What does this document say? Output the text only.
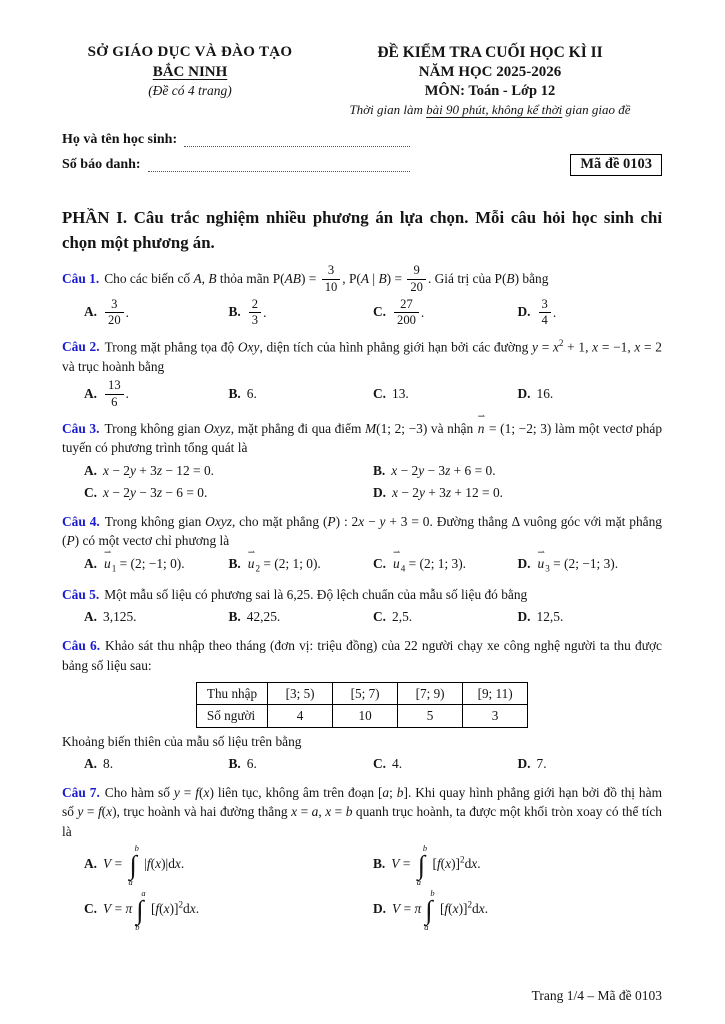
SỞ GIÁO DỤC VÀ ĐÀO TẠO
BẮC NINH
(Đề có 4 trang)
ĐỀ KIỂM TRA CUỐI HỌC KÌ II
NĂM HỌC 2025-2026
MÔN: Toán - Lớp 12
Thời gian làm bài 90 phút, không kể thời gian giao đề
Họ và tên học sinh:
Số báo danh:	Mã đề 0103
PHẦN I. Câu trắc nghiệm nhiều phương án lựa chọn. Mỗi câu hỏi học sinh chỉ chọn một phương án.

Câu 1. Cho các biến cố A, B thỏa mãn $P(AB) = \frac{3}{10}$ , P(A | $B) = \frac{9}{20}$ . Giá trị của P(B) bằng

A. $\frac{3}{20}$ .	B. $\frac{2}{3}$ .	C. $\frac{27}{200}$ .	D. $\frac{3}{4}$ .

Câu 2. Trong mặt phẳng tọa độ Oxy, diện tích của hình phẳng giới hạn bởi các đường $y = x^2 + 1$, x = −1, x = 2 và trục hoành bằng

A. $\frac{13}{6}$ .	B. 6.	C. 13.	D. 16.

Câu 3. Trong không gian Oxyz, mặt phẳng đi qua điểm M(1; 2; −3) và nhận
⇀
n = (1; −2; 3) làm một vectơ pháp tuyến có phương trình tổng quát là

A. x − 2y + 3z − 12 = 0.	B. x − 2y − 3z + 6 = 0.
C. x − 2y − 3z − 6 = 0.	D. x − 2y + 3z + 12 = 0.

Câu 4. Trong không gian Oxyz, cho mặt phẳng (P) : 2x − y + 3 = 0. Đường thẳng Δ vuông góc với mặt phẳng (P) có một vectơ chỉ phương là

A.
⇀
$u_1 = (2$; −1; 0).	B.
⇀
$u_2 = (2$; 1; 0).	C.
⇀
$u_4 = (2$; 1; 3).	D.
⇀
$u_3 = (2$; −1; 3).

Câu 5. Một mẫu số liệu có phương sai là 6,25. Độ lệch chuẩn của mẫu số liệu đó bằng

A. 3,125.	B. 42,25.	C. 2,5.	D. 12,5.

Câu 6. Khảo sát thu nhập theo tháng (đơn vị: triệu đồng) của 22 người chạy xe công nghệ người ta thu được bảng số liệu sau:

Thu nhập	[3; 5)	[5; 7)	[7; 9)	[9; 11)
Số người	4	10	5	3

Khoảng biến thiên của mẫu số liệu trên bằng

A. 8.	B. 6.	C. 4.	D. 7.

Câu 7. Cho hàm số y = f(x) liên tục, không âm trên đoạn [a; b]. Khi quay hình phẳng giới hạn bởi đồ thị hàm số y = f(x), trục hoành và hai đường thẳng x = a, x = b quanh trục hoành, ta được một khối tròn xoay có thể tích là

A. V =
b
∫
a
|f(x)|dx.	B. V =
b
∫
a
$[f(x)]^2dx$.
C. V = π
a
∫
b
$[f(x)]^2dx$.	D. V = π
b
∫
a
$[f(x)]^2dx$.
Trang 1/4 – Mã đề 0103
